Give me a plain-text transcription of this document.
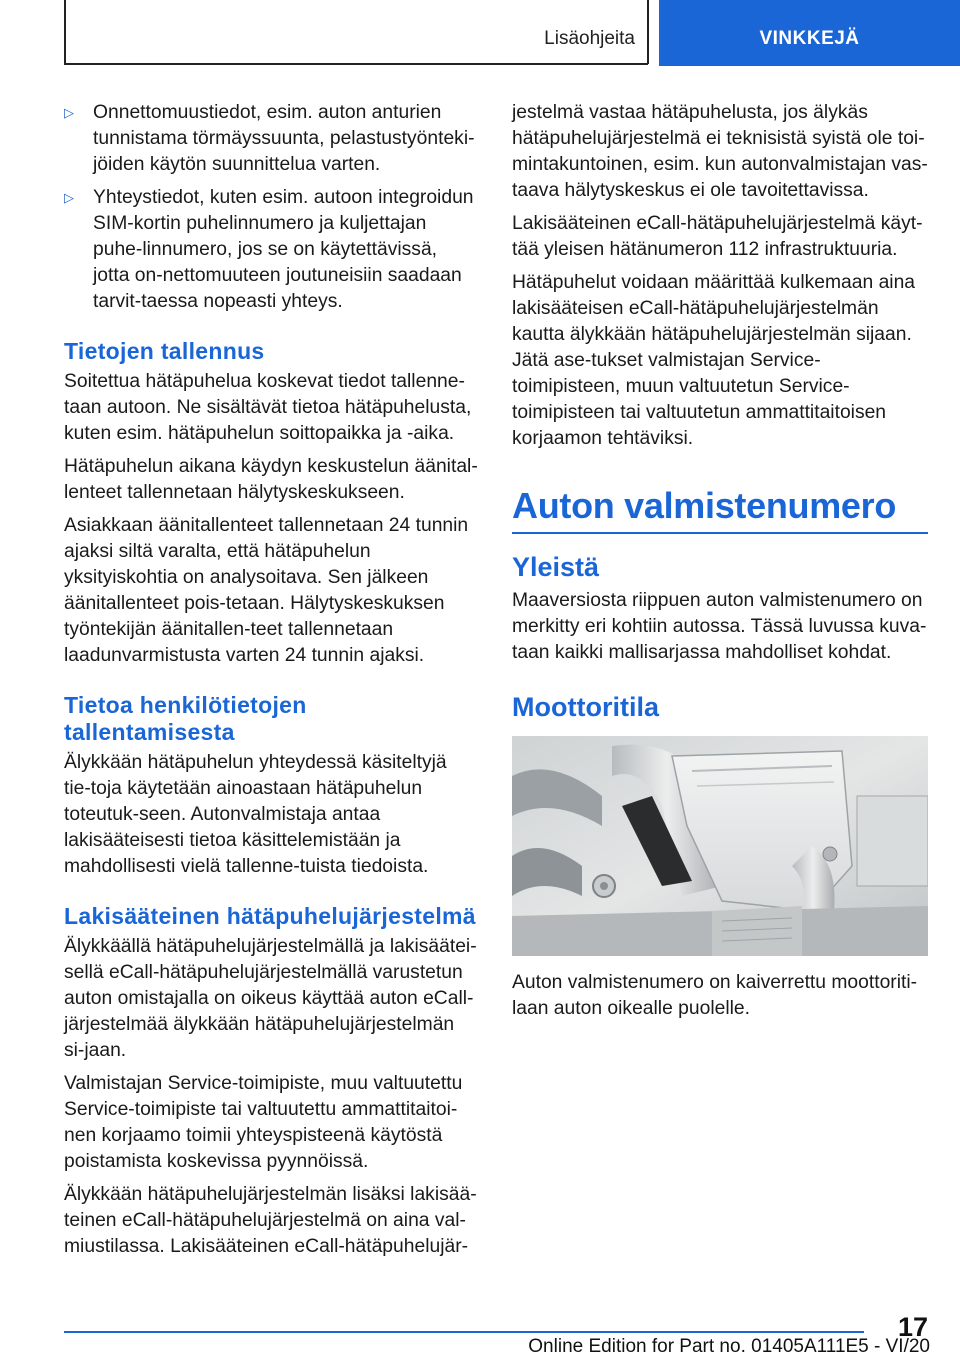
Lisäohjeita	VINKKEJÄ
▷ Onnettomuustiedot, esim. auton anturien tunnistama törmäyssuunta, pelastustyönteki-jöiden käytön suunnittelua varten.
▷ Yhteystiedot, kuten esim. autoon integroidun SIM-kortin puhelinnumero ja kuljettajan puhe-linnumero, jos se on käytettävissä, jotta on-nettomuuteen joutuneisiin saadaan tarvit-taessa nopeasti yhteys.
Tietojen tallennus

Soitettua hätäpuhelua koskevat tiedot tallenne-taan autoon. Ne sisältävät tietoa hätäpuhelusta, kuten esim. hätäpuhelun soittopaikka ja -aika.

Hätäpuhelun aikana käydyn keskustelun äänital-lenteet tallennetaan hälytyskeskukseen.

Asiakkaan äänitallenteet tallennetaan 24 tunnin ajaksi siltä varalta, että hätäpuhelun yksityiskohtia on analysoitava. Sen jälkeen äänitallenteet pois-tetaan. Hälytyskeskuksen työntekijän äänitallen-teet tallennetaan laadunvarmistusta varten 24 tunnin ajaksi.

Tietoa henkilötietojen tallentamisesta

Älykkään hätäpuhelun yhteydessä käsiteltyjä tie-toja käytetään ainoastaan hätäpuhelun toteutuk-seen. Autonvalmistaja antaa lakisääteisesti tietoa käsittelemistään ja mahdollisesti vielä tallenne-tuista tiedoista.

Lakisääteinen hätäpuhelujärjestelmä

Älykkäällä hätäpuhelujärjestelmällä ja lakisäätei-sellä eCall-hätäpuhelujärjestelmällä varustetun auton omistajalla on oikeus käyttää auton eCall-järjestelmää älykkään hätäpuhelujärjestelmän si-jaan.

Valmistajan Service-toimipiste, muu valtuutettu Service-toimipiste tai valtuutettu ammattitaitoi-nen korjaamo toimii yhteyspisteenä käytöstä poistamista koskevissa pyynnöissä.

Älykkään hätäpuhelujärjestelmän lisäksi lakisää-teinen eCall-hätäpuhelujärjestelmä on aina val-miustilassa. Lakisääteinen eCall-hätäpuhelujär-

jestelmä vastaa hätäpuhelusta, jos älykäs hätäpuhelujärjestelmä ei teknisistä syistä ole toi-mintakuntoinen, esim. kun autonvalmistajan vas-taava hälytyskeskus ei ole tavoitettavissa.

Lakisääteinen eCall-hätäpuhelujärjestelmä käyt-tää yleisen hätänumeron 112 infrastruktuuria.

Hätäpuhelut voidaan määrittää kulkemaan aina lakisääteisen eCall-hätäpuhelujärjestelmän kautta älykkään hätäpuhelujärjestelmän sijaan. Jätä ase-tukset valmistajan Service-toimipisteen, muun valtuutetun Service-toimipisteen tai valtuutetun ammattitaitoisen korjaamon tehtäviksi.

Auton valmistenumero
Yleistä

Maaversiosta riippuen auton valmistenumero on merkitty eri kohtiin autossa. Tässä luvussa kuva-taan kaikki mallisarjassa mahdolliset kohdat.

Moottoritila

Auton valmistenumero on kaiverrettu moottoriti-laan auton oikealle puolelle.

17
Online Edition for Part no. 01405A111E5 - VI/20
